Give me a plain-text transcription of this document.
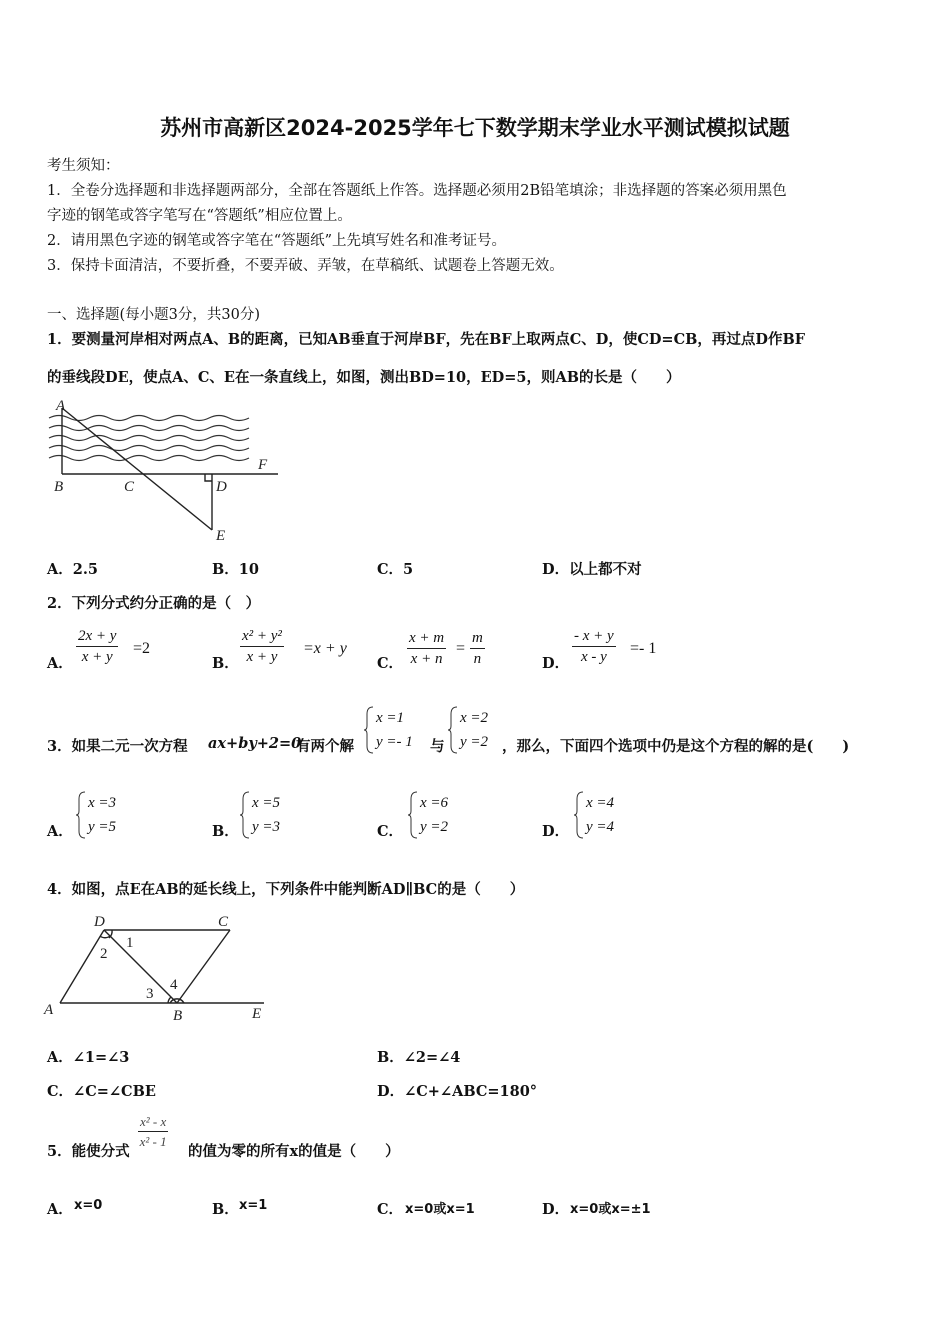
苏州市高新区2024-2025学年七下数学期末学业水平测试模拟试题
考生须知：
1．全卷分选择题和非选择题两部分，全部在答题纸上作答。选择题必须用2B铅笔填涂；非选择题的答案必须用黑色
字迹的钢笔或答字笔写在“答题纸”相应位置上。
2．请用黑色字迹的钢笔或答字笔在“答题纸”上先填写姓名和准考证号。
3．保持卡面清洁，不要折叠，不要弄破、弄皱，在草稿纸、试题卷上答题无效。
一、选择题(每小题3分，共30分)
1．要测量河岸相对两点A、B的距离，已知AB垂直于河岸BF，先在BF上取两点C、D，使CD=CB，再过点D作BF
的垂线段DE，使点A、C、E在一条直线上，如图，测出BD=10，ED=5，则AB的长是（　　）
A
B	C	D
E
F
A．2.5	B．10	C．5	D．以上都不对
2．下列分式约分正确的是（　）
A． $\frac{2x + y}{x + y} =2$
B． $\frac{\text{x² + y²}}{x + y} =x + y$
C． $\frac{x + m}{x + n} = \frac{m}{n}$	D． $\frac{- x + y}{x - y} =- 1$
3．如果二元一次方程 ax+by+2=0
有两个解
x =1
y =- 1 与
x =2
y =2 ，那么，下面四个选项中仍是这个方程的解的是(　　)
A．
x =3
y =5	B．
x =5
y =3	C．
x =6
y =2	D．
x =4
y =4
4．如图，点E在AB的延长线上，下列条件中能判断AD∥BC的是（　　）
D	C
A	B	E
1
2
3
4
A．∠1=∠3	B．∠2=∠4
C．∠C=∠CBE	D．∠C+∠ABC=180°
5．能使分式
$\frac{\text{x² - x}}{\text{x² - 1}}$
的值为零的所有x的值是（　　）
A． x=0	B． x=1	C． x=0或x=1	D． x=0或x=±1
